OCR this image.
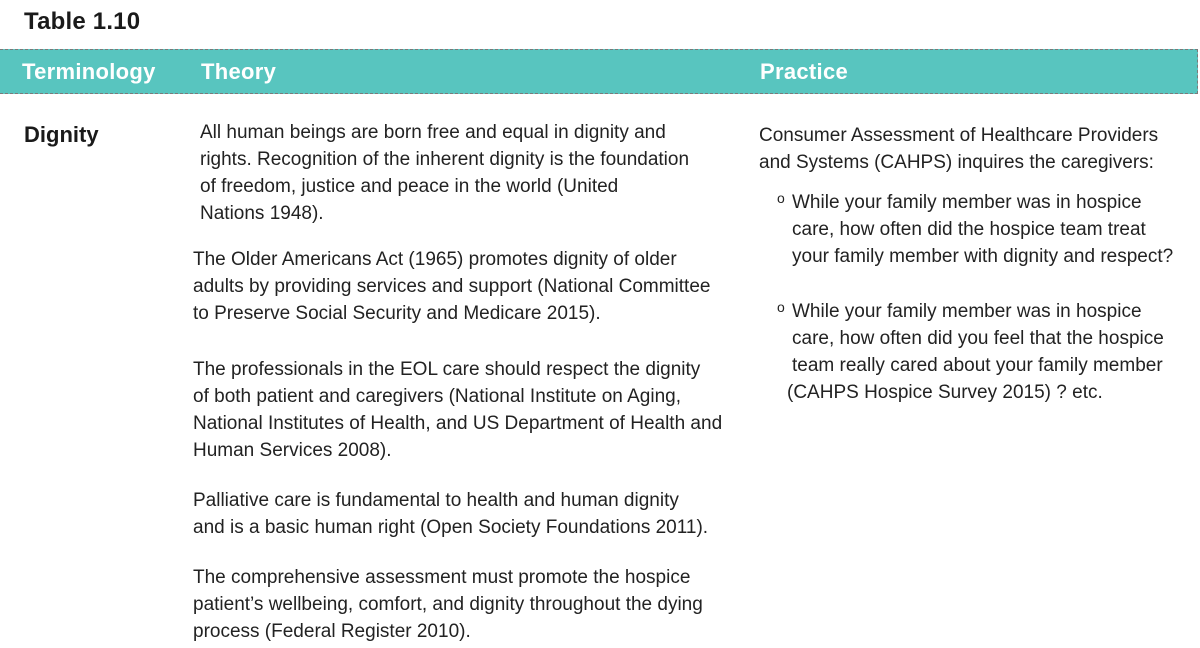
Table 1.10
Terminology Theory	Practice
Dignity	All human beings are born free and equal in dignity and
rights. Recognition of the inherent dignity is the foundation
of freedom, justice and peace in the world (United
Nations 1948).
The Older Americans Act (1965) promotes dignity of older
adults by providing services and support (National Committee
to Preserve Social Security and Medicare 2015).
The professionals in the EOL care should respect the dignity
of both patient and caregivers (National Institute on Aging,
National Institutes of Health, and US Department of Health and
Human Services 2008).
Palliative care is fundamental to health and human dignity
and is a basic human right (Open Society Foundations 2011).
The comprehensive assessment must promote the hospice
patient’s wellbeing, comfort, and dignity throughout the dying
process (Federal Register 2010).
Consumer Assessment of Healthcare Providers
and Systems (CAHPS) inquires the caregivers:
o While your family member was in hospice
care, how often did the hospice team treat
your family member with dignity and respect?
o While your family member was in hospice
care, how often did you feel that the hospice
team really cared about your family member
(CAHPS Hospice Survey 2015) ? etc.
